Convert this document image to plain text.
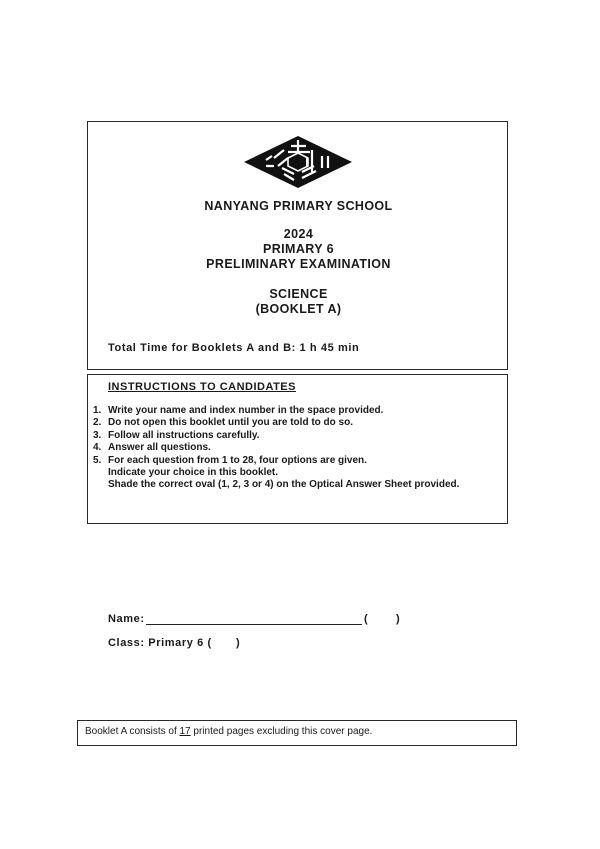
NANYANG PRIMARY SCHOOL
2024
PRIMARY 6
PRELIMINARY EXAMINATION
SCIENCE
(BOOKLET A)
Total Time for Booklets A and B: 1 h 45 min
INSTRUCTIONS TO CANDIDATES
1. Write your name and index number in the space provided.
2. Do not open this booklet until you are told to do so.
3. Follow all instructions carefully.
4. Answer all questions.
5. For each question from 1 to 28, four options are given.
Indicate your choice in this booklet.
Shade the correct oval (1, 2, 3 or 4) on the Optical Answer Sheet provided.
Name:	(	)
Class: Primary 6 ( )
Booklet A consists of 17 printed pages excluding this cover page.
